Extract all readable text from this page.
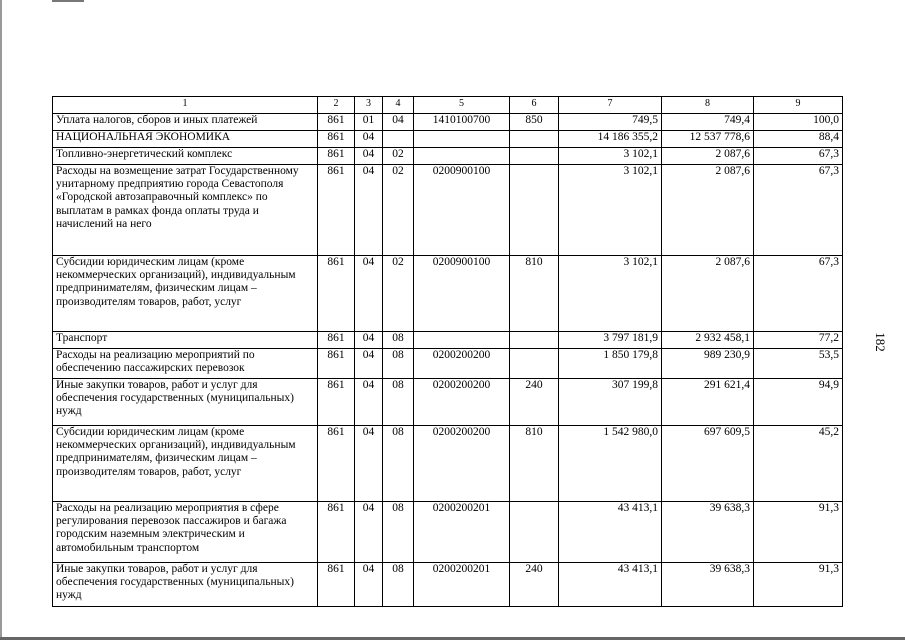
1	2	3	4	5	6	7	8	9
Уплата налогов, сборов и иных платежей	861	01	04	1410100700	850	749,5	749,4	100,0
НАЦИОНАЛЬНАЯ ЭКОНОМИКА	861	04				14 186 355,2	12 537 778,6	88,4
Топливно-энергетический комплекс	861	04	02			3 102,1	2 087,6	67,3
Расходы на возмещение затрат Государственному унитарному предприятию города Севастополя «Городской автозаправочный комплекс» по выплатам в рамках фонда оплаты труда и начислений на него	861	04	02	0200900100		3 102,1	2 087,6	67,3
Субсидии юридическим лицам (кроме некоммерческих организаций), индивидуальным предпринимателям, физическим лицам – производителям товаров, работ, услуг	861	04	02	0200900100	810	3 102,1	2 087,6	67,3
Транспорт	861	04	08			3 797 181,9	2 932 458,1	77,2
Расходы на реализацию мероприятий по обеспечению пассажирских перевозок	861	04	08	0200200200		1 850 179,8	989 230,9	53,5
Иные закупки товаров, работ и услуг для обеспечения государственных (муниципальных) нужд	861	04	08	0200200200	240	307 199,8	291 621,4	94,9
Субсидии юридическим лицам (кроме некоммерческих организаций), индивидуальным предпринимателям, физическим лицам – производителям товаров, работ, услуг	861	04	08	0200200200	810	1 542 980,0	697 609,5	45,2
Расходы на реализацию мероприятия в сфере регулирования перевозок пассажиров и багажа городским наземным электрическим и автомобильным транспортом	861	04	08	0200200201		43 413,1	39 638,3	91,3
Иные закупки товаров, работ и услуг для обеспечения государственных (муниципальных) нужд	861	04	08	0200200201	240	43 413,1	39 638,3	91,3
182
